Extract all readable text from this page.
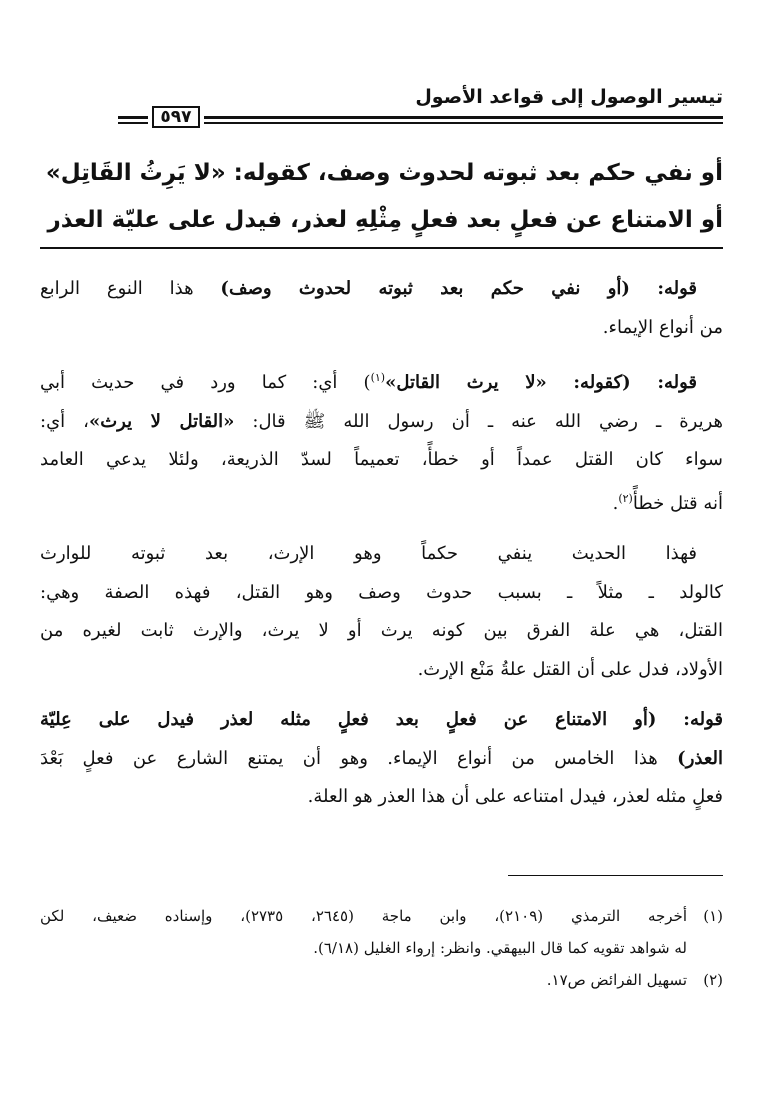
تيسير الوصول إلى قواعد الأصول
٥٩٧

أو نفي حكم بعد ثبوته لحدوث وصف، كقوله: «لا يَرِثُ القَاتِل»

أو الامتناع عن فعلٍ بعد فعلٍ مِثْلِهِ لعذر، فيدل على عليّة العذر

قوله: (أو نفي حكم بعد ثبوته لحدوث وصف) هذا النوع الرابع
من أنواع الإيماء.
قوله: (كقوله: «لا يرث القاتل»$^{(١)}$) أي: كما ورد في حديث أبي
هريرة ـ رضي الله عنه ـ أن رسول الله ﷺ قال: «القاتل لا يرث»، أي:
سواء كان القتل عمداً أو خطأً، تعميماً لسدّ الذريعة، ولئلا يدعي العامد
أنه قتل خطأً$^{(٢)}$.
فهذا الحديث ينفي حكماً وهو الإرث، بعد ثبوته للوارث
كالولد ـ مثلاً ـ بسبب حدوث وصف وهو القتل، فهذه الصفة وهي:
القتل، هي علة الفرق بين كونه يرث أو لا يرث، والإرث ثابت لغيره من
الأولاد، فدل على أن القتل علةُ مَنْع الإرث.
قوله: (أو الامتناع عن فعلٍ بعد فعلٍ مثله لعذر فيدل على عِليّة
العذر) هذا الخامس من أنواع الإيماء. وهو أن يمتنع الشارع عن فعلٍ بَعْدَ
فعلٍ مثله لعذر، فيدل امتناعه على أن هذا العذر هو العلة.
(١)
أخرجه الترمذي (٢١٠٩)، وابن ماجة (٢٦٤٥، ٢٧٣٥)، وإسناده ضعيف، لكن
له شواهد تقويه كما قال البيهقي. وانظر: إرواء الغليل (٦/١٨).
(٢)
تسهيل الفرائض ص١٧.
